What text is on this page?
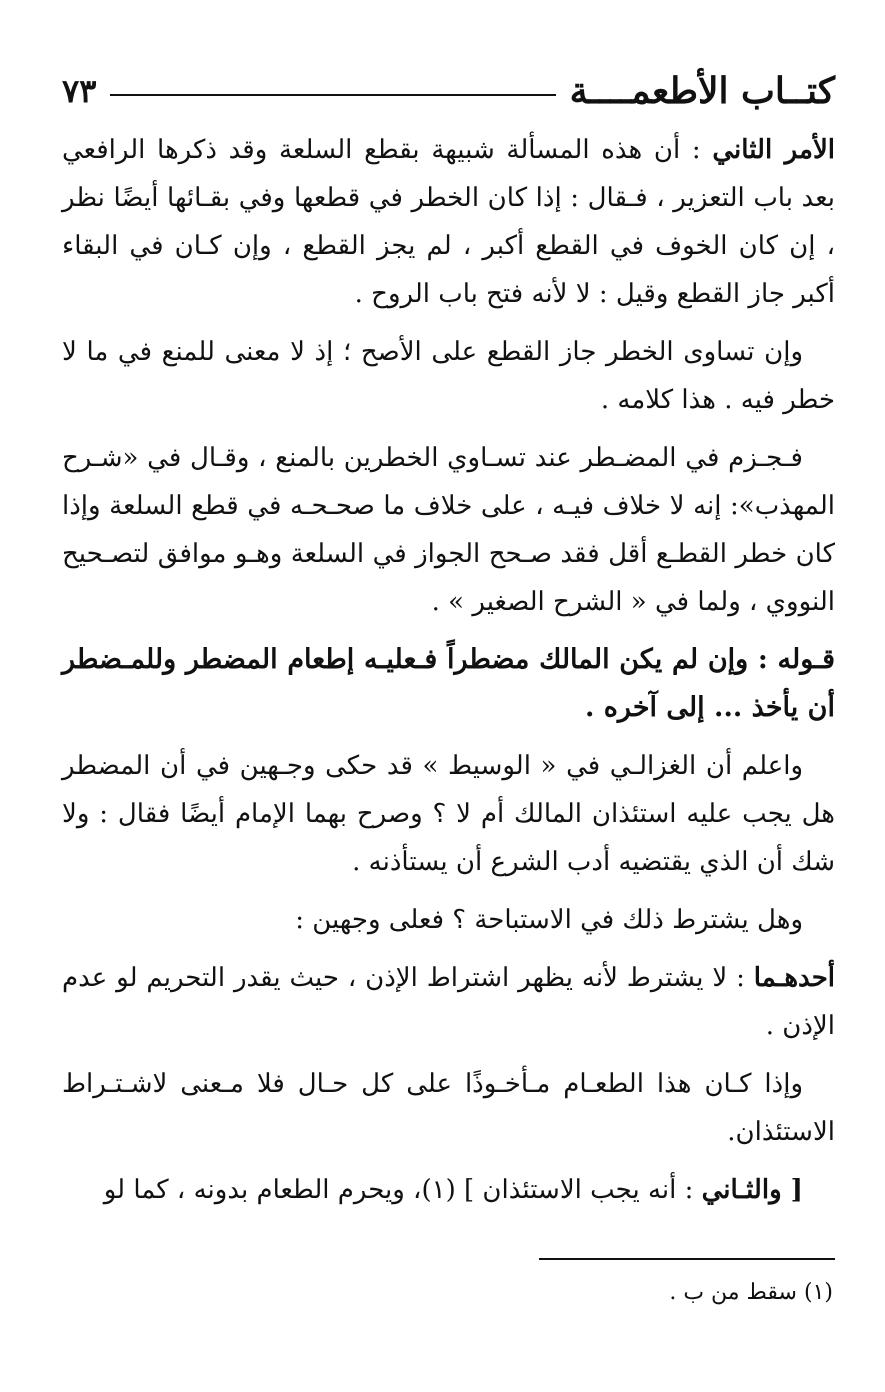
كتــاب الأطعمــــة
٧٣

الأمر الثاني : أن هذه المسألة شبيهة بقطع السلعة وقد ذكرها الرافعي بعد باب التعزير ، فـقال : إذا كان الخطر في قطعها وفي بقـائها أيضًا نظر ، إن كان الخوف في القطع أكبر ، لم يجز القطع ، وإن كـان في البقاء أكبر جاز القطع وقيل : لا لأنه فتح باب الروح .

وإن تساوى الخطر جاز القطع على الأصح ؛ إذ لا معنى للمنع في ما لا خطر فيه . هذا كلامه .

فـجـزم في المضـطر عند تسـاوي الخطرين بالمنع ، وقـال في «شـرح المهذب»: إنه لا خلاف فيـه ، على خلاف ما صحـحـه في قطع السلعة وإذا كان خطر القطـع أقل فقد صـحح الجواز في السلعة وهـو موافق لتصـحيح النووي ، ولما في « الشرح الصغير » .

قـوله : وإن لم يكن المالك مضطراً فـعليـه إطعام المضطر وللمـضطر أن يأخذ ... إلى آخره .

واعلم أن الغزالـي في « الوسيط » قد حكى وجـهين في أن المضطر هل يجب عليه استئذان المالك أم لا ؟ وصرح بهما الإمام أيضًا فقال : ولا شك أن الذي يقتضيه أدب الشرع أن يستأذنه .

وهل يشترط ذلك في الاستباحة ؟ فعلى وجهين :

أحدهـما : لا يشترط لأنه يظهر اشتراط الإذن ، حيث يقدر التحريم لو عدم الإذن .

وإذا كـان هذا الطعـام مـأخـوذًا على كل حـال فلا مـعنى لاشـتـراط الاستئذان.

[ والثـاني : أنه يجب الاستئذان ] (١)، ويحرم الطعام بدونه ، كما لو

(١) سقط من ب .
